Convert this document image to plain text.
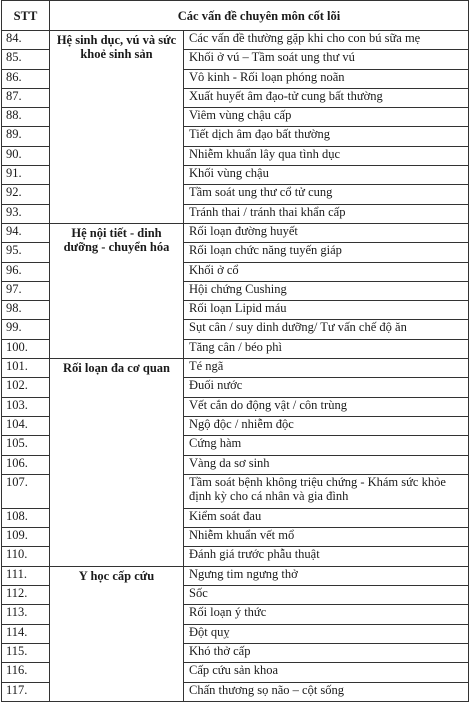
STT	Các vấn đề chuyên môn cốt lõi	
84.	Hệ sinh dục, vú và sức khoẻ sinh sản	Các vấn đề thường gặp khi cho con bú sữa mẹ
85.		Khối ở vú – Tầm soát ung thư vú
86.		Vô kinh - Rối loạn phóng noãn
87.		Xuất huyết âm đạo-tử cung bất thường
88.		Viêm vùng chậu cấp
89.		Tiết dịch âm đạo bất thường
90.		Nhiễm khuẩn lây qua tình dục
91.		Khối vùng chậu
92.		Tầm soát ung thư cổ tử cung
93.		Tránh thai / tránh thai khẩn cấp
94.	Hệ nội tiết - dinh dưỡng - chuyển hóa	Rối loạn đường huyết
95.		Rối loạn chức năng tuyến giáp
96.		Khối ở cổ
97.		Hội chứng Cushing
98.		Rối loạn Lipid máu
99.		Sụt cân / suy dinh dưỡng/ Tư vấn chế độ ăn
100.		Tăng cân / béo phì
101.	Rối loạn đa cơ quan	Té ngã
102.		Đuối nước
103.		Vết cắn do động vật / côn trùng
104.		Ngộ độc / nhiễm độc
105.		Cứng hàm
106.		Vàng da sơ sinh
107.		Tầm soát bệnh không triệu chứng - Khám sức khỏe định kỳ cho cá nhân và gia đình
108.		Kiểm soát đau
109.		Nhiễm khuẩn vết mổ
110.		Đánh giá trước phẫu thuật
111.	Y học cấp cứu	Ngưng tim ngưng thở
112.		Sốc
113.		Rối loạn ý thức
114.		Đột quỵ
115.		Khó thở cấp
116.		Cấp cứu sản khoa
117.		Chấn thương sọ não – cột sống
